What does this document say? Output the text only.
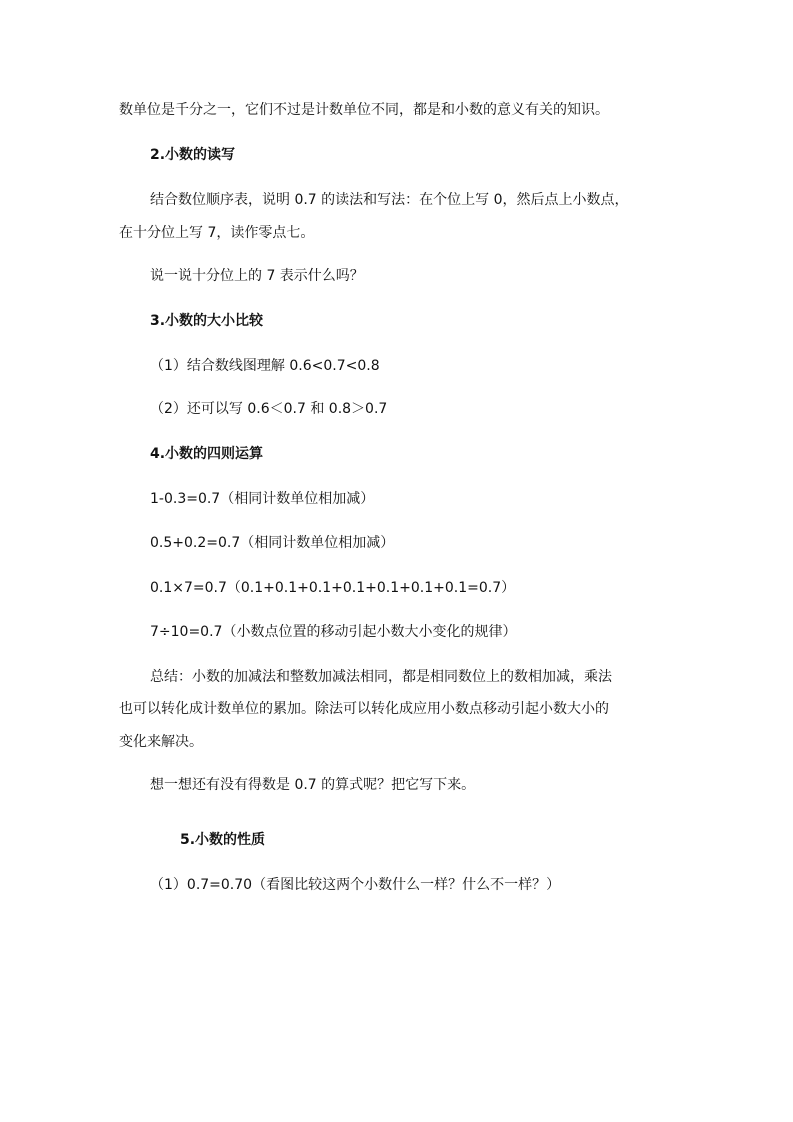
数单位是千分之一，它们不过是计数单位不同，都是和小数的意义有关的知识。
2.小数的读写
结合数位顺序表，说明 0.7 的读法和写法：在个位上写 0，然后点上小数点，
在十分位上写 7，读作零点七。
说一说十分位上的 7 表示什么吗？
3.小数的大小比较
（1）结合数线图理解 0.6<0.7<0.8
（2）还可以写 0.6＜0.7 和 0.8＞0.7
4.小数的四则运算
1-0.3=0.7（相同计数单位相加减）
0.5+0.2=0.7（相同计数单位相加减）
0.1×7=0.7（0.1+0.1+0.1+0.1+0.1+0.1+0.1=0.7）
7÷10=0.7（小数点位置的移动引起小数大小变化的规律）
总结：小数的加减法和整数加减法相同，都是相同数位上的数相加减，乘法
也可以转化成计数单位的累加。除法可以转化成应用小数点移动引起小数大小的
变化来解决。
想一想还有没有得数是 0.7 的算式呢？把它写下来。
5.小数的性质
（1）0.7=0.70（看图比较这两个小数什么一样？什么不一样？）
